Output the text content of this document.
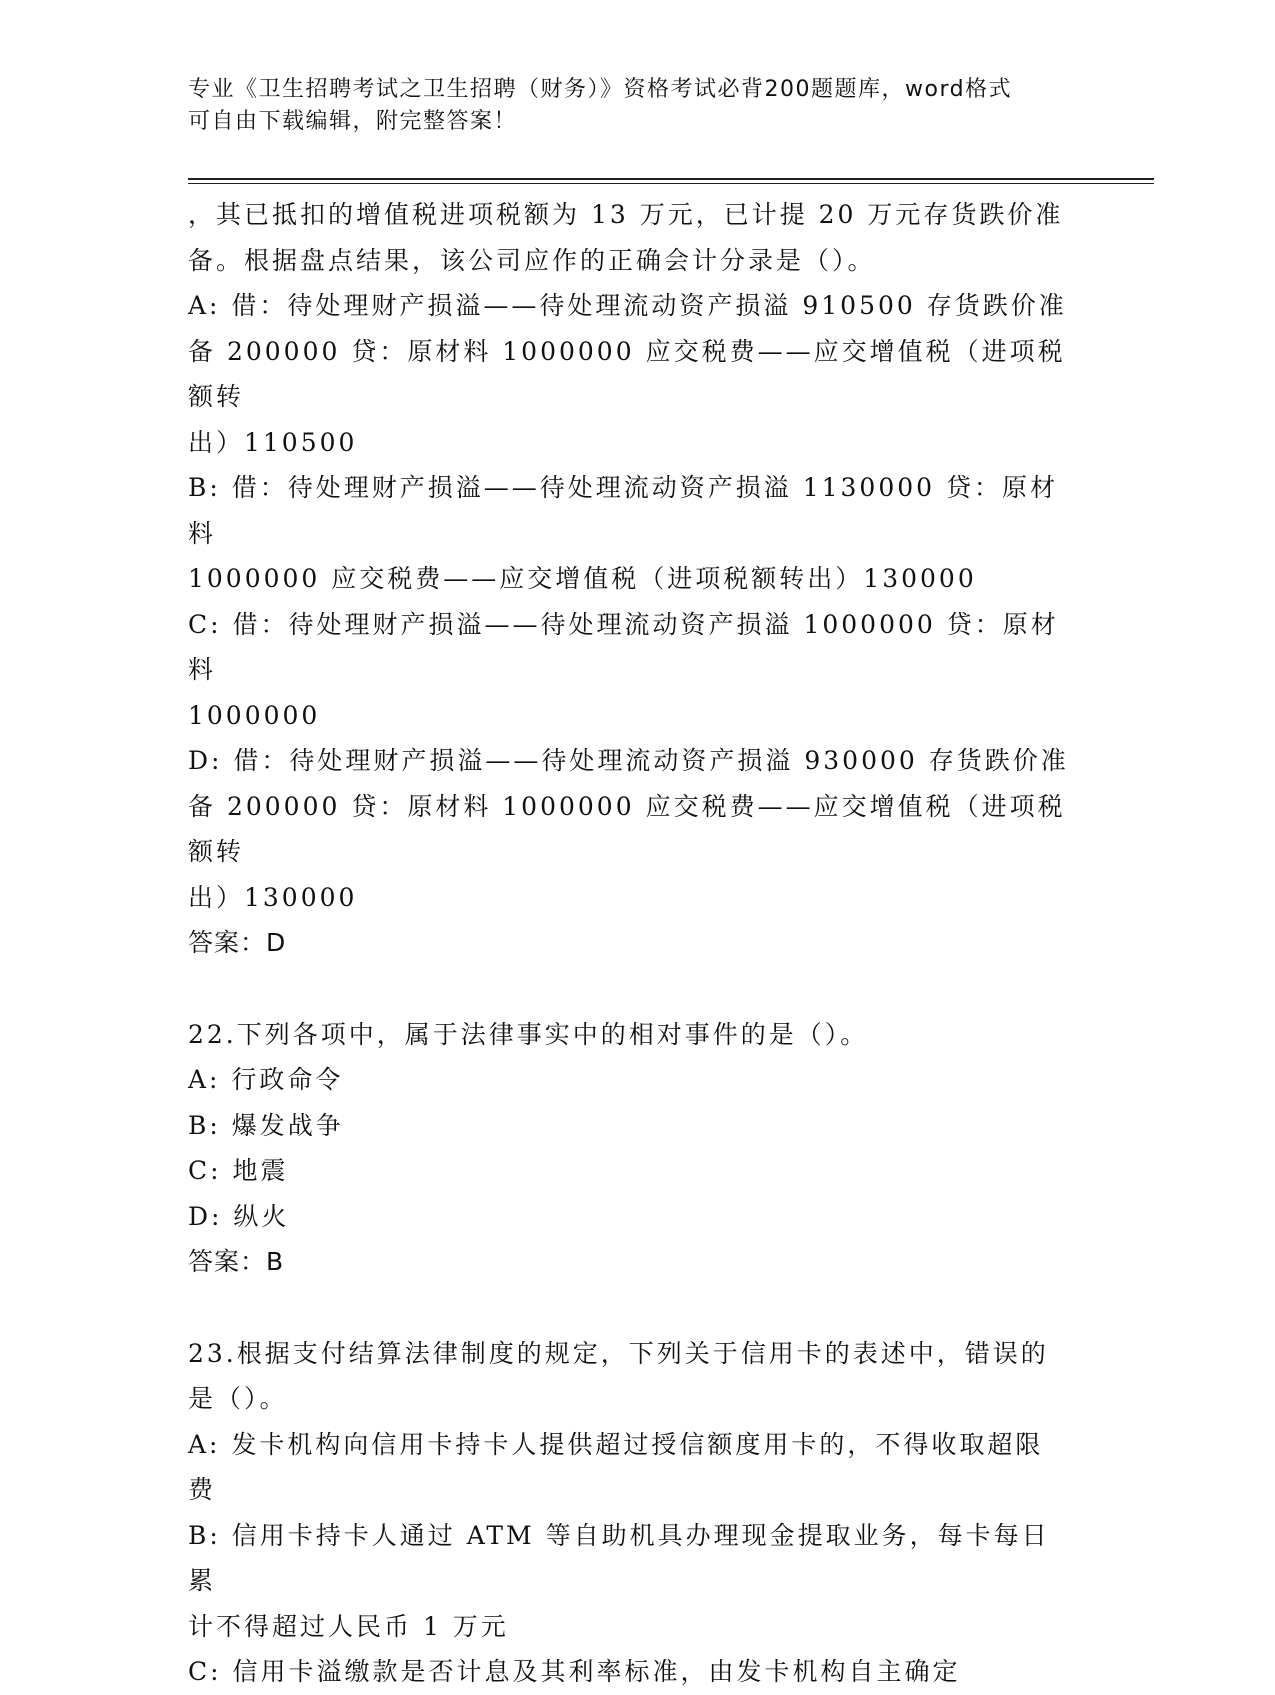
专业《卫生招聘考试之卫生招聘（财务）》资格考试必背200题题库，word格式
可自由下载编辑，附完整答案！

，其已抵扣的增值税进项税额为 13 万元，已计提 20 万元存货跌价准

备。根据盘点结果，该公司应作的正确会计分录是（）。

A: 借：待处理财产损溢——待处理流动资产损溢 910500 存货跌价准

备 200000 贷：原材料 1000000 应交税费——应交增值税（进项税额转

出）110500

B: 借：待处理财产损溢——待处理流动资产损溢 1130000 贷：原材料

1000000 应交税费——应交增值税（进项税额转出）130000

C: 借：待处理财产损溢——待处理流动资产损溢 1000000 贷：原材料

1000000

D: 借：待处理财产损溢——待处理流动资产损溢 930000 存货跌价准

备 200000 贷：原材料 1000000 应交税费——应交增值税（进项税额转

出）130000

答案：D

22.下列各项中，属于法律事实中的相对事件的是（）。

A: 行政命令

B: 爆发战争

C: 地震

D: 纵火

答案：B

23.根据支付结算法律制度的规定，下列关于信用卡的表述中，错误的

是（）。

A: 发卡机构向信用卡持卡人提供超过授信额度用卡的，不得收取超限

费

B: 信用卡持卡人通过 ATM 等自助机具办理现金提取业务，每卡每日累

计不得超过人民币 1 万元

C: 信用卡溢缴款是否计息及其利率标准，由发卡机构自主确定
